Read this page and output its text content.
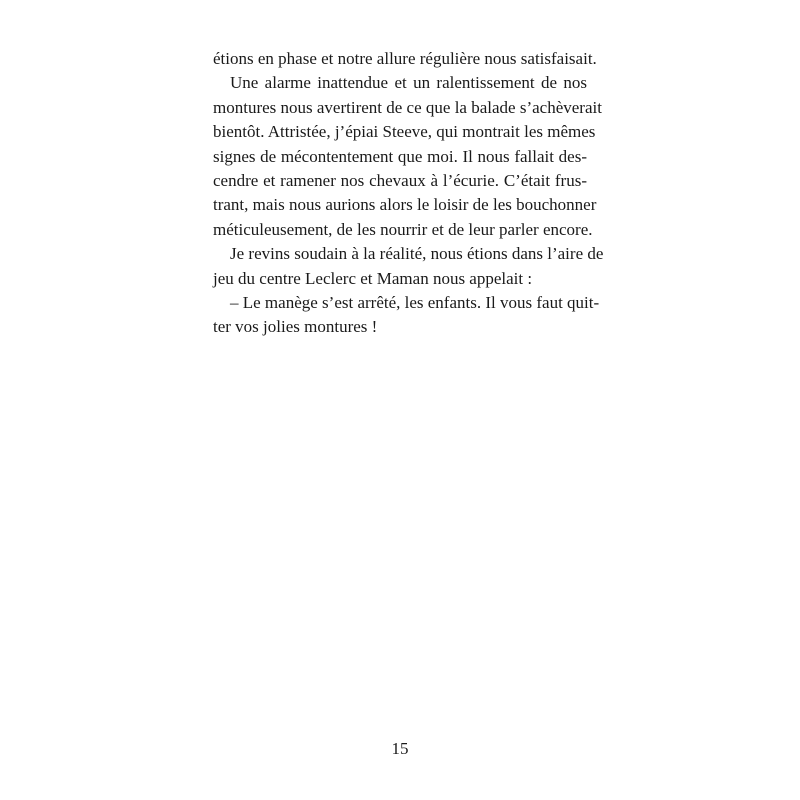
étions en phase et notre allure régulière nous satisfaisait.
Une alarme inattendue et un ralentissement de nos
montures nous avertirent de ce que la balade s’achèverait
bientôt. Attristée, j’épiai Steeve, qui montrait les mêmes
signes de mécontentement que moi. Il nous fallait des-
cendre et ramener nos chevaux à l’écurie. C’était frus-
trant, mais nous aurions alors le loisir de les bouchonner
méticuleusement, de les nourrir et de leur parler encore.
Je revins soudain à la réalité, nous étions dans l’aire de
jeu du centre Leclerc et Maman nous appelait :
– Le manège s’est arrêté, les enfants. Il vous faut quit-
ter vos jolies montures !
15
